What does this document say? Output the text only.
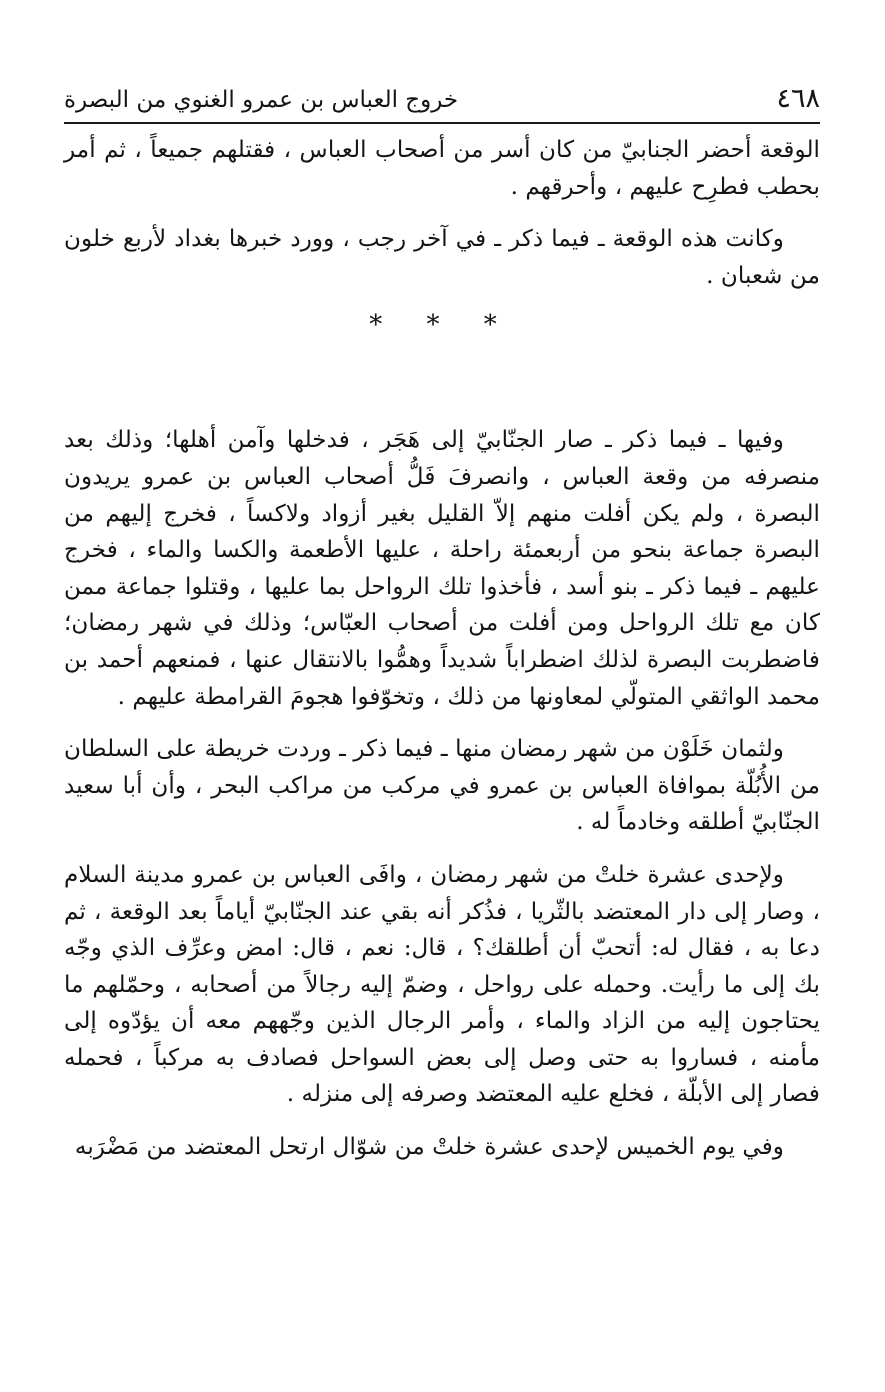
٤٦٨
خروج العباس بن عمرو الغنوي من البصرة

الوقعة أحضر الجنابيّ من كان أسر من أصحاب العباس ، فقتلهم جميعاً ، ثم أمر بحطب فطرِح عليهم ، وأحرقهم .

وكانت هذه الوقعة ـ فيما ذكر ـ في آخر رجب ، وورد خبرها بغداد لأربع خلون من شعبان .

* * *

وفيها ـ فيما ذكر ـ صار الجنّابيّ إلى هَجَر ، فدخلها وآمن أهلها؛ وذلك بعد منصرفه من وقعة العباس ، وانصرفَ فَلُّ أصحاب العباس بن عمرو يريدون البصرة ، ولم يكن أفلت منهم إلاّ القليل بغير أزواد ولاكساً ، فخرج إليهم من البصرة جماعة بنحو من أربعمئة راحلة ، عليها الأطعمة والكسا والماء ، فخرج عليهم ـ فيما ذكر ـ بنو أسد ، فأخذوا تلك الرواحل بما عليها ، وقتلوا جماعة ممن كان مع تلك الرواحل ومن أفلت من أصحاب العبّاس؛ وذلك في شهر رمضان؛ فاضطربت البصرة لذلك اضطراباً شديداً وهمُّوا بالانتقال عنها ، فمنعهم أحمد بن محمد الواثقي المتولّي لمعاونها من ذلك ، وتخوّفوا هجومَ القرامطة عليهم .

ولثمان خَلَوْن من شهر رمضان منها ـ فيما ذكر ـ وردت خريطة على السلطان من الأُبُلّة بموافاة العباس بن عمرو في مركب من مراكب البحر ، وأن أبا سعيد الجنّابيّ أطلقه وخادماً له .

ولإحدى عشرة خلتْ من شهر رمضان ، وافَى العباس بن عمرو مدينة السلام ، وصار إلى دار المعتضد بالثّريا ، فذُكر أنه بقي عند الجنّابيّ أياماً بعد الوقعة ، ثم دعا به ، فقال له: أتحبّ أن أطلقك؟ ، قال: نعم ، قال: امض وعرِّف الذي وجّه بك إلى ما رأيت. وحمله على رواحل ، وضمّ إليه رجالاً من أصحابه ، وحمّلهم ما يحتاجون إليه من الزاد والماء ، وأمر الرجال الذين وجّههم معه أن يؤدّوه إلى مأمنه ، فساروا به حتى وصل إلى بعض السواحل فصادف به مركباً ، فحمله فصار إلى الأبلّة ، فخلع عليه المعتضد وصرفه إلى منزله .

وفي يوم الخميس لإحدى عشرة خلتْ من شوّال ارتحل المعتضد من مَضْرَبه
